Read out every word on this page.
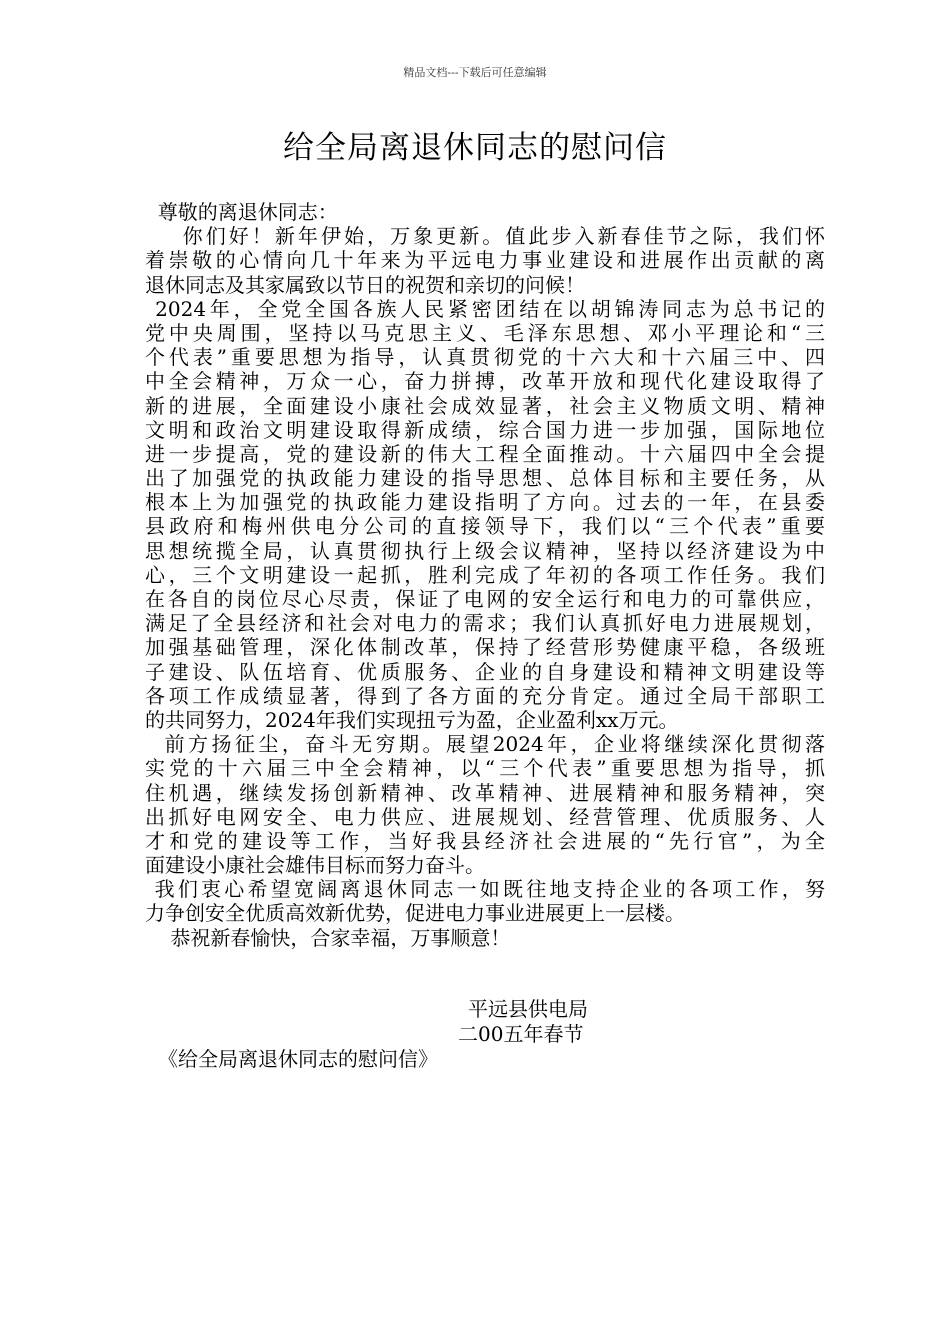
精品文档---下载后可任意编辑
给全局离退休同志的慰问信
尊敬的离退休同志：
你们好！新年伊始，万象更新。值此步入新春佳节之际，我们怀
着崇敬的心情向几十年来为平远电力事业建设和进展作出贡献的离
退休同志及其家属致以节日的祝贺和亲切的问候！
2024年，全党全国各族人民紧密团结在以胡锦涛同志为总书记的
党中央周围，坚持以马克思主义、毛泽东思想、邓小平理论和“三
个代表”重要思想为指导，认真贯彻党的十六大和十六届三中、四
中全会精神，万众一心，奋力拼搏，改革开放和现代化建设取得了
新的进展，全面建设小康社会成效显著，社会主义物质文明、精神
文明和政治文明建设取得新成绩，综合国力进一步加强，国际地位
进一步提高，党的建设新的伟大工程全面推动。十六届四中全会提
出了加强党的执政能力建设的指导思想、总体目标和主要任务，从
根本上为加强党的执政能力建设指明了方向。过去的一年，在县委
县政府和梅州供电分公司的直接领导下，我们以“三个代表”重要
思想统揽全局，认真贯彻执行上级会议精神，坚持以经济建设为中
心，三个文明建设一起抓，胜利完成了年初的各项工作任务。我们
在各自的岗位尽心尽责，保证了电网的安全运行和电力的可靠供应，
满足了全县经济和社会对电力的需求；我们认真抓好电力进展规划，
加强基础管理，深化体制改革，保持了经营形势健康平稳，各级班
子建设、队伍培育、优质服务、企业的自身建设和精神文明建设等
各项工作成绩显著，得到了各方面的充分肯定。通过全局干部职工
的共同努力，2024年我们实现扭亏为盈，企业盈利xx万元。
前方扬征尘，奋斗无穷期。展望2024年，企业将继续深化贯彻落
实党的十六届三中全会精神，以“三个代表”重要思想为指导，抓
住机遇，继续发扬创新精神、改革精神、进展精神和服务精神，突
出抓好电网安全、电力供应、进展规划、经营管理、优质服务、人
才和党的建设等工作，当好我县经济社会进展的“先行官”，为全
面建设小康社会雄伟目标而努力奋斗。
我们衷心希望宽阔离退休同志一如既往地支持企业的各项工作，努
力争创安全优质高效新优势，促进电力事业进展更上一层楼。
恭祝新春愉快，合家幸福，万事顺意！
平远县供电局
二00五年春节
《给全局离退休同志的慰问信》
